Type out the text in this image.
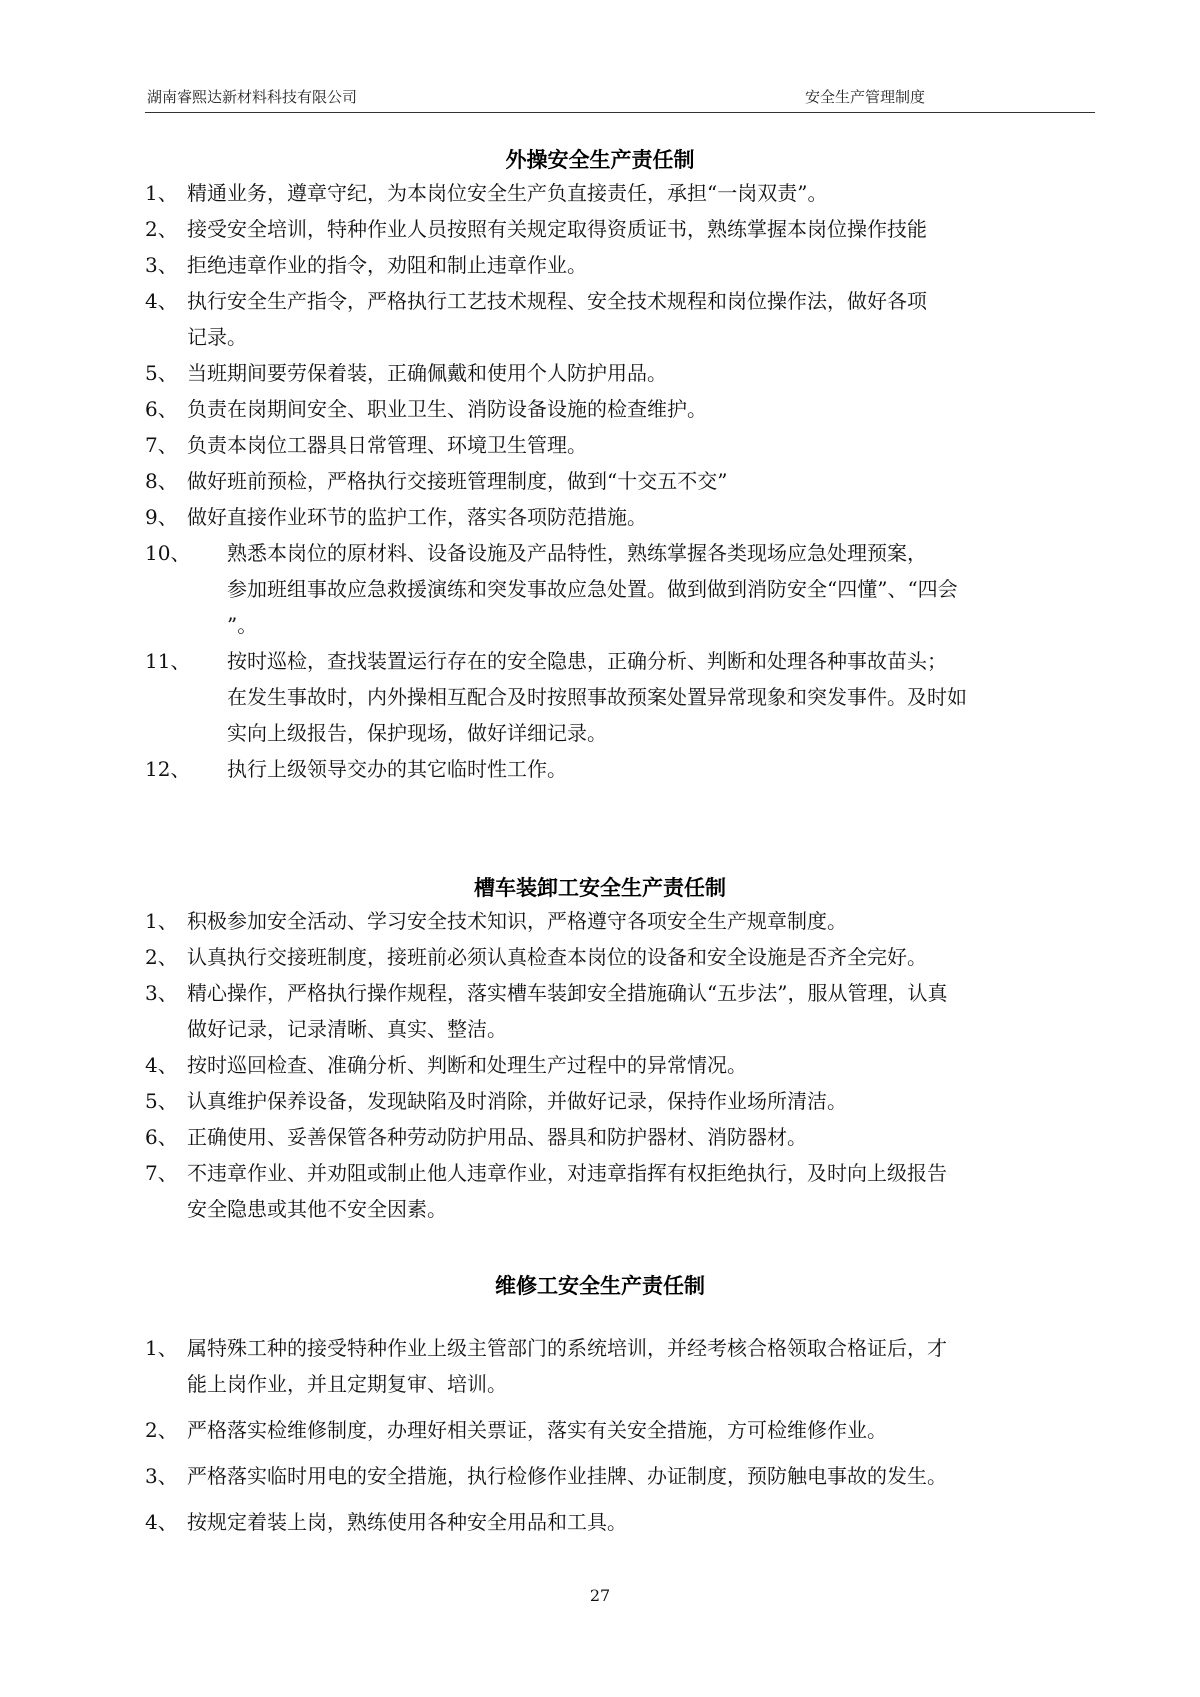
湖南睿熙达新材料科技有限公司	安全生产管理制度
外操安全生产责任制
1、 精通业务，遵章守纪，为本岗位安全生产负直接责任，承担“一岗双责”。
2、 接受安全培训，特种作业人员按照有关规定取得资质证书，熟练掌握本岗位操作技能
3、 拒绝违章作业的指令，劝阻和制止违章作业。
4、 执行安全生产指令，严格执行工艺技术规程、安全技术规程和岗位操作法，做好各项
记录。
5、 当班期间要劳保着装，正确佩戴和使用个人防护用品。
6、 负责在岗期间安全、职业卫生、消防设备设施的检查维护。
7、 负责本岗位工器具日常管理、环境卫生管理。
8、 做好班前预检，严格执行交接班管理制度，做到“十交五不交”
9、 做好直接作业环节的监护工作，落实各项防范措施。
10、 熟悉本岗位的原材料、设备设施及产品特性，熟练掌握各类现场应急处理预案，
参加班组事故应急救援演练和突发事故应急处置。做到做到消防安全“四懂”、“四会
”。
11、 按时巡检，查找装置运行存在的安全隐患，正确分析、判断和处理各种事故苗头；
在发生事故时，内外操相互配合及时按照事故预案处置异常现象和突发事件。及时如
实向上级报告，保护现场，做好详细记录。
12、 执行上级领导交办的其它临时性工作。
槽车装卸工安全生产责任制
1、 积极参加安全活动、学习安全技术知识，严格遵守各项安全生产规章制度。
2、 认真执行交接班制度，接班前必须认真检查本岗位的设备和安全设施是否齐全完好。
3、 精心操作，严格执行操作规程，落实槽车装卸安全措施确认“五步法”，服从管理，认真
做好记录，记录清晰、真实、整洁。
4、 按时巡回检查、准确分析、判断和处理生产过程中的异常情况。
5、 认真维护保养设备，发现缺陷及时消除，并做好记录，保持作业场所清洁。
6、 正确使用、妥善保管各种劳动防护用品、器具和防护器材、消防器材。
7、 不违章作业、并劝阻或制止他人违章作业，对违章指挥有权拒绝执行，及时向上级报告
安全隐患或其他不安全因素。
维修工安全生产责任制
1、 属特殊工种的接受特种作业上级主管部门的系统培训，并经考核合格领取合格证后，才
能上岗作业，并且定期复审、培训。
2、 严格落实检维修制度，办理好相关票证，落实有关安全措施，方可检维修作业。
3、 严格落实临时用电的安全措施，执行检修作业挂牌、办证制度，预防触电事故的发生。
4、 按规定着装上岗，熟练使用各种安全用品和工具。
27
